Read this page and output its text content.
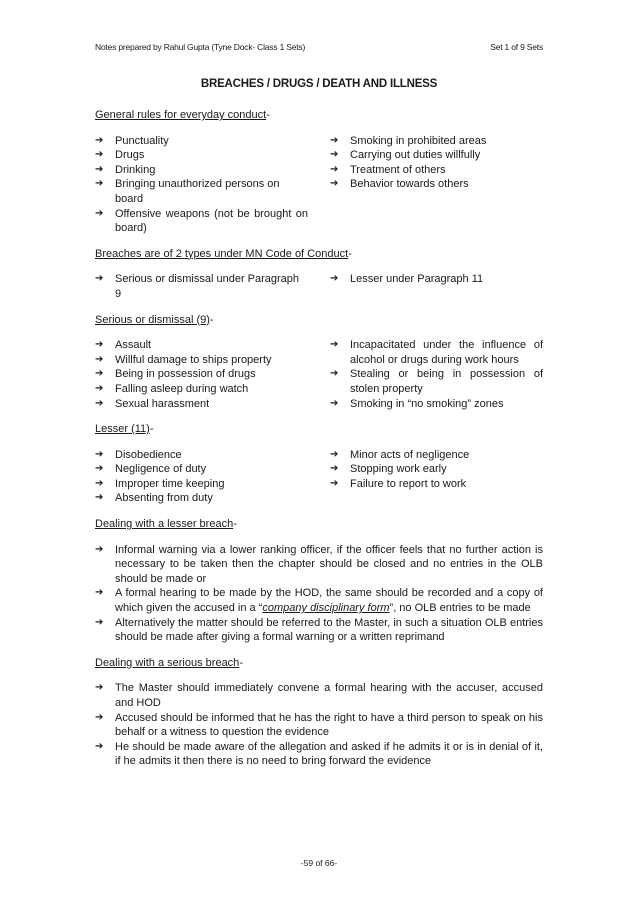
Notes prepared by Rahul Gupta (Tyne Dock- Class 1 Sets)	Set 1 of 9 Sets
BREACHES / DRUGS / DEATH AND ILLNESS

General rules for everyday conduct-

➔	Punctuality
➔	Drugs
➔	Drinking
➔	Bringing unauthorized persons on board
➔	Offensive weapons (not be brought on board)
➔	Smoking in prohibited areas
➔	Carrying out duties willfully
➔	Treatment of others
➔	Behavior towards others

Breaches are of 2 types under MN Code of Conduct-

➔	Serious or dismissal under Paragraph 9
➔	Lesser under Paragraph 11

Serious or dismissal (9)-

➔	Assault
➔	Willful damage to ships property
➔	Being in possession of drugs
➔	Falling asleep during watch
➔	Sexual harassment
➔	Incapacitated under the influence of alcohol or drugs during work hours
➔	Stealing or being in possession of stolen property
➔	Smoking in “no smoking” zones

Lesser (11)-

➔	Disobedience
➔	Negligence of duty
➔	Improper time keeping
➔	Absenting from duty
➔	Minor acts of negligence
➔	Stopping work early
➔	Failure to report to work

Dealing with a lesser breach-

➔	Informal warning via a lower ranking officer, if the officer feels that no further action is necessary to be taken then the chapter should be closed and no entries in the OLB should be made or
➔	A formal hearing to be made by the HOD, the same should be recorded and a copy of which given the accused in a “company disciplinary form”, no OLB entries to be made
➔	Alternatively the matter should be referred to the Master, in such a situation OLB entries should be made after giving a formal warning or a written reprimand

Dealing with a serious breach-

➔	The Master should immediately convene a formal hearing with the accuser, accused and HOD
➔	Accused should be informed that he has the right to have a third person to speak on his behalf or a witness to question the evidence
➔	He should be made aware of the allegation and asked if he admits it or is in denial of it, if he admits it then there is no need to bring forward the evidence
-59 of 66-
